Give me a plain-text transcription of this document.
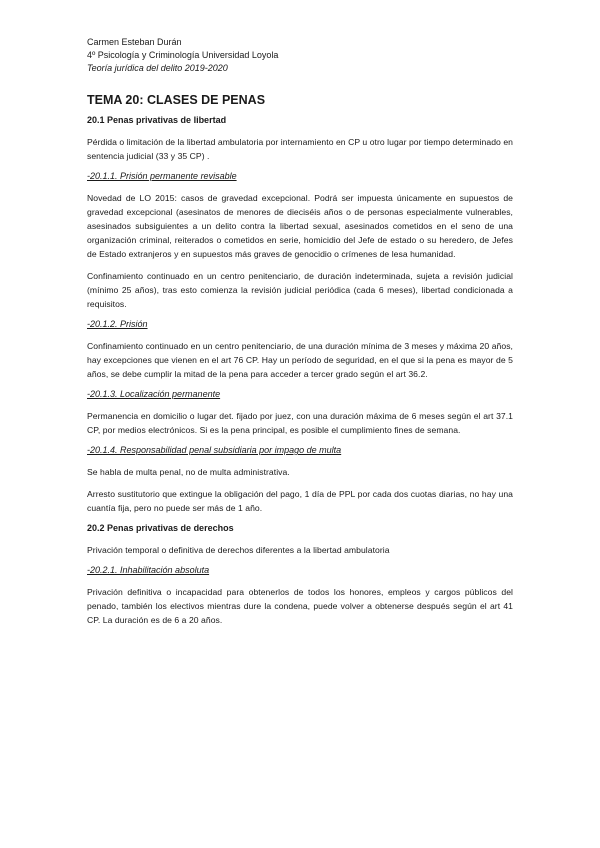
Carmen Esteban Durán

4º Psicología y Criminología Universidad Loyola

Teoría jurídica del delito 2019-2020

TEMA 20: CLASES DE PENAS
20.1 Penas privativas de libertad

Pérdida o limitación de la libertad ambulatoria por internamiento en CP u otro lugar por tiempo determinado en sentencia judicial (33 y 35 CP) .

-20.1.1. Prisión permanente revisable

Novedad de LO 2015: casos de gravedad excepcional. Podrá ser impuesta únicamente en supuestos de gravedad excepcional (asesinatos de menores de dieciséis años o de personas especialmente vulnerables, asesinados subsiguientes a un delito contra la libertad sexual, asesinados cometidos en el seno de una organización criminal, reiterados o cometidos en serie, homicidio del Jefe de estado o su heredero, de Jefes de Estado extranjeros y en supuestos más graves de genocidio o crímenes de lesa humanidad.

Confinamiento continuado en un centro penitenciario, de duración indeterminada, sujeta a revisión judicial (mínimo 25 años), tras esto comienza la revisión judicial periódica (cada 6 meses), libertad condicionada a requisitos.

-20.1.2. Prisión

Confinamiento continuado en un centro penitenciario, de una duración mínima de 3 meses y máxima 20 años, hay excepciones que vienen en el art 76 CP. Hay un período de seguridad, en el que si la pena es mayor de 5 años, se debe cumplir la mitad de la pena para acceder a tercer grado según el art 36.2.

-20.1.3. Localización permanente

Permanencia en domicilio o lugar det. fijado por juez, con una duración máxima de 6 meses según el art 37.1 CP, por medios electrónicos. Si es la pena principal, es posible el cumplimiento fines de semana.

-20.1.4. Responsabilidad penal subsidiaria por impago de multa

Se habla de multa penal, no de multa administrativa.

Arresto sustitutorio que extingue la obligación del pago, 1 día de PPL por cada dos cuotas diarias, no hay una cuantía fija, pero no puede ser más de 1 año.

20.2 Penas privativas de derechos

Privación temporal o definitiva de derechos diferentes a la libertad ambulatoria

-20.2.1. Inhabilitación absoluta

Privación definitiva o incapacidad para obtenerlos de todos los honores, empleos y cargos públicos del penado, también los electivos mientras dure la condena, puede volver a obtenerse después según el art 41 CP. La duración es de 6 a 20 años.
